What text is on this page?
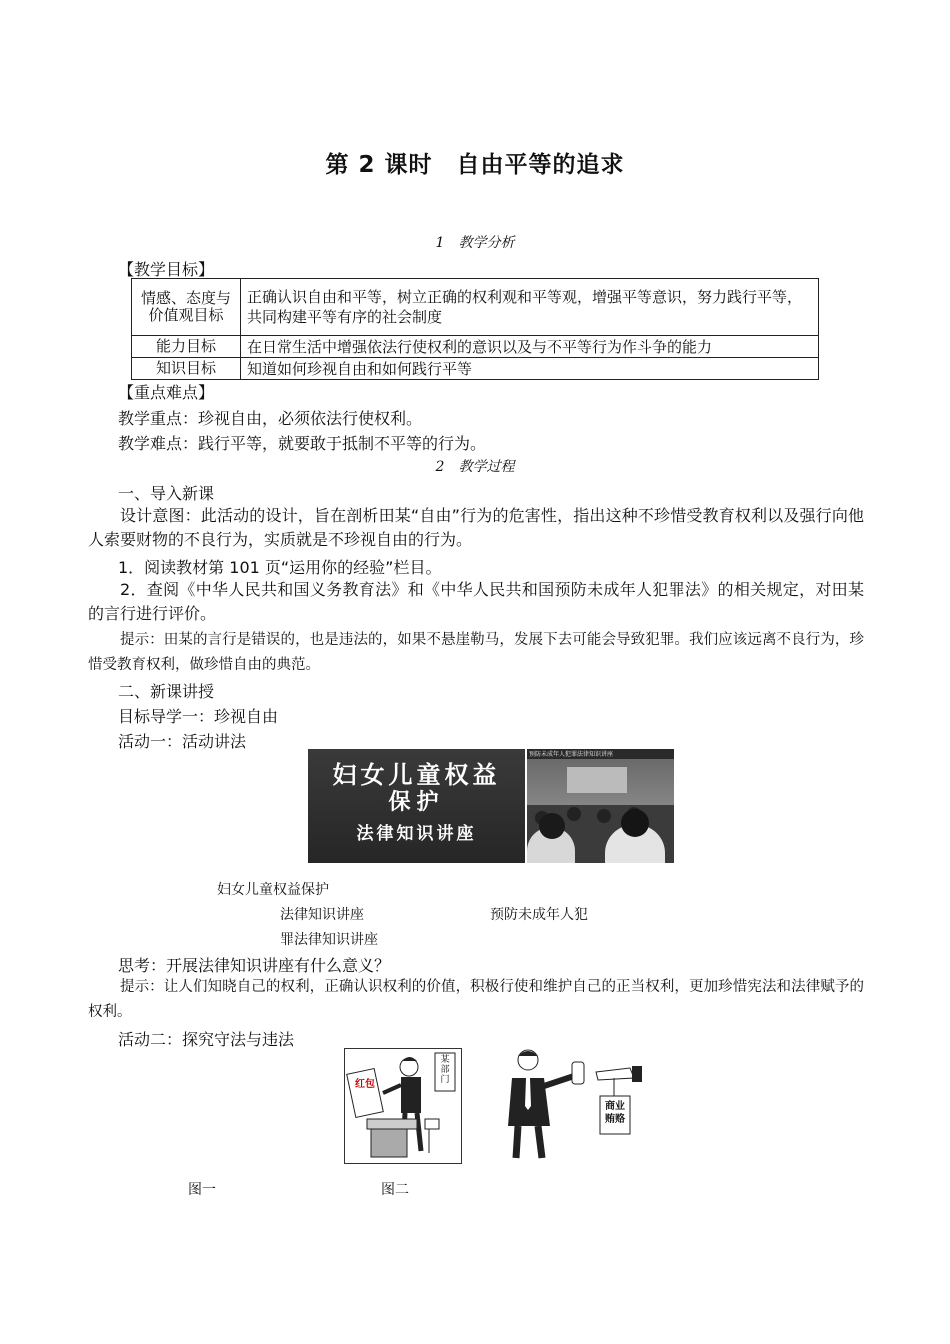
第 2 课时　自由平等的追求
1　教学分析
【教学目标】
情感、态度与价值观目标	正确认识自由和平等，树立正确的权利观和平等观，增强平等意识，努力践行平等，共同构建平等有序的社会制度
能力目标	在日常生活中增强依法行使权利的意识以及与不平等行为作斗争的能力
知识目标	知道如何珍视自由和如何践行平等
【重点难点】
教学重点：珍视自由，必须依法行使权利。
教学难点：践行平等，就要敢于抵制不平等的行为。
2　教学过程
一、导入新课
设计意图：此活动的设计，旨在剖析田某“自由”行为的危害性，指出这种不珍惜受教育权利以及强行向他人索要财物的不良行为，实质就是不珍视自由的行为。
1．阅读教材第 101 页“运用你的经验”栏目。
2．查阅《中华人民共和国义务教育法》和《中华人民共和国预防未成年人犯罪法》的相关规定，对田某的言行进行评价。
提示：田某的言行是错误的，也是违法的，如果不悬崖勒马，发展下去可能会导致犯罪。我们应该远离不良行为，珍惜受教育权利，做珍惜自由的典范。
二、新课讲授
目标导学一：珍视自由
活动一：活动讲法
妇女儿童权益
保护
法律知识讲座
预防未成年人犯罪法律知识讲座
妇女儿童权益保护
法律知识讲座	预防未成年人犯
罪法律知识讲座
思考：开展法律知识讲座有什么意义？
提示：让人们知晓自己的权利，正确认识权利的价值，积极行使和维护自己的正当权利，更加珍惜宪法和法律赋予的权利。
活动二：探究守法与违法
某部门
红包
商业贿赂
图一	图二
